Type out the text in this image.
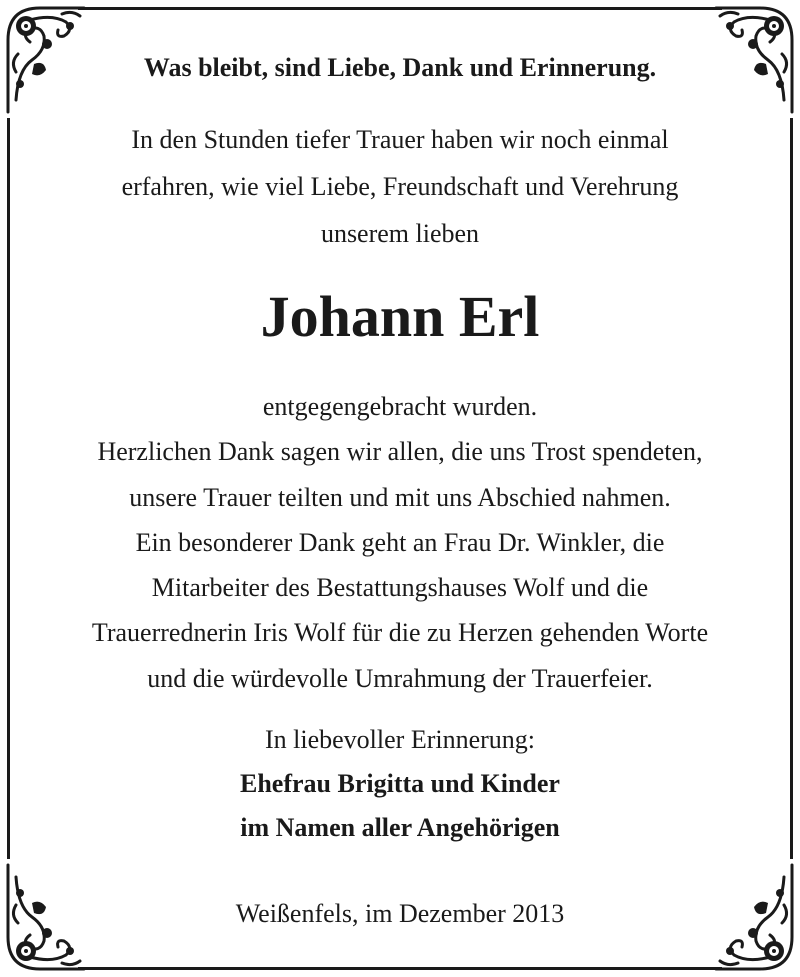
Was bleibt, sind Liebe, Dank und Erinnerung.
In den Stunden tiefer Trauer haben wir noch einmal
erfahren, wie viel Liebe, Freundschaft und Verehrung
unserem lieben
Johann Erl
entgegengebracht wurden.
Herzlichen Dank sagen wir allen, die uns Trost spendeten,
unsere Trauer teilten und mit uns Abschied nahmen.
Ein besonderer Dank geht an Frau Dr. Winkler, die
Mitarbeiter des Bestattungshauses Wolf und die
Trauerrednerin Iris Wolf für die zu Herzen gehenden Worte
und die würdevolle Umrahmung der Trauerfeier.
In liebevoller Erinnerung:
Ehefrau Brigitta und Kinder
im Namen aller Angehörigen
Weißenfels, im Dezember 2013
